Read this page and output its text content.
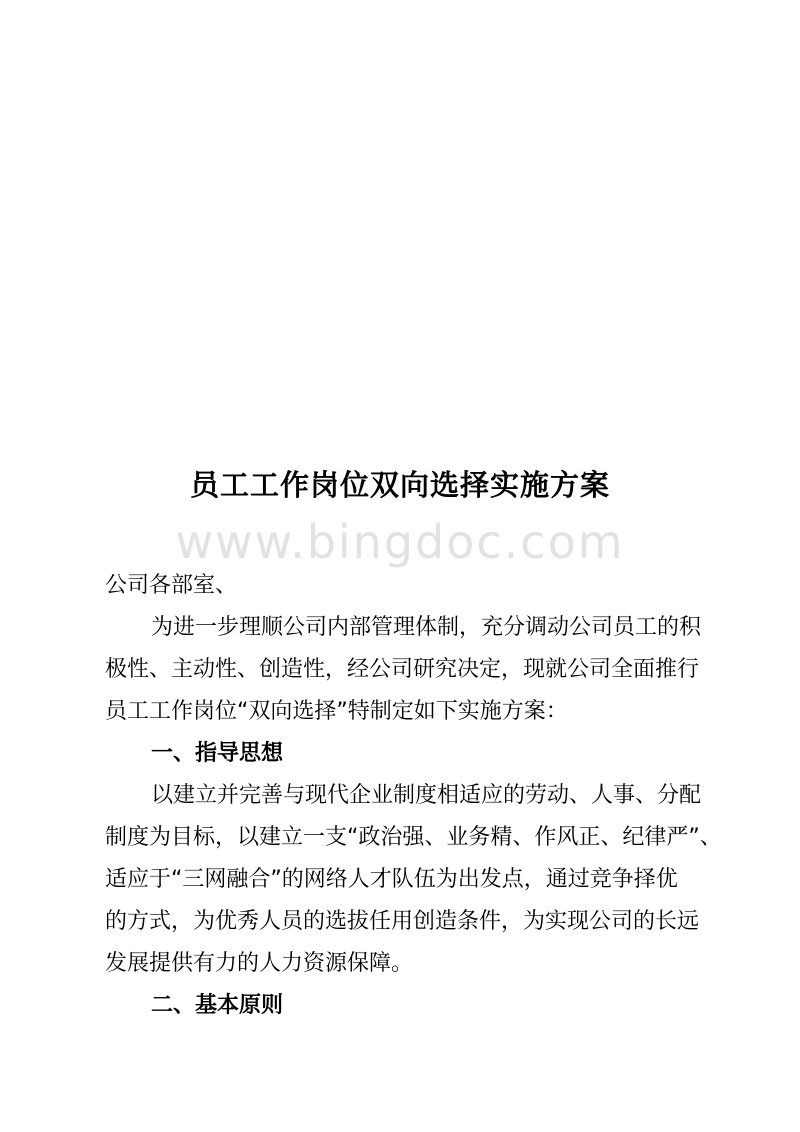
员工工作岗位双向选择实施方案
www.bingdoc.com
公司各部室、
为进一步理顺公司内部管理体制，充分调动公司员工的积
极性、主动性、创造性，经公司研究决定，现就公司全面推行
员工工作岗位“双向选择”特制定如下实施方案：
一、指导思想
以建立并完善与现代企业制度相适应的劳动、人事、分配
制度为目标，以建立一支“政治强、业务精、作风正、纪律严”、
适应于“三网融合”的网络人才队伍为出发点，通过竞争择优
的方式，为优秀人员的选拔任用创造条件，为实现公司的长远
发展提供有力的人力资源保障。
二、基本原则
